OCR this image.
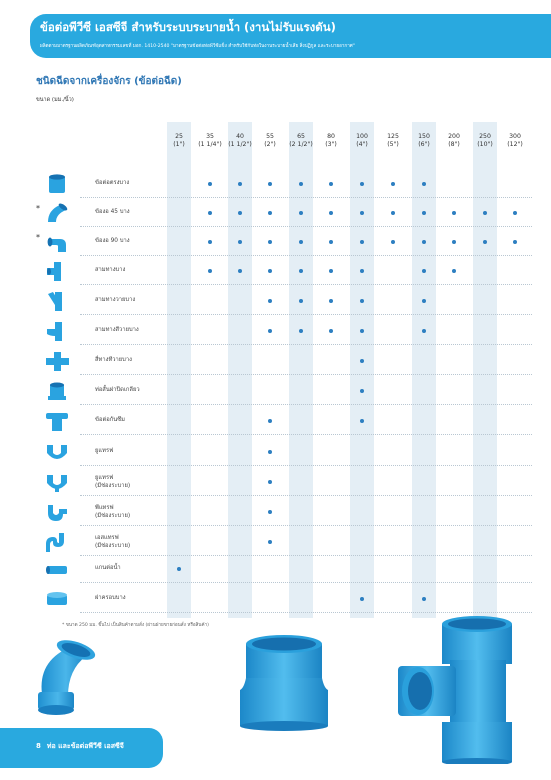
ข้อต่อพีวีซี เอสซีจี สำหรับระบบระบายน้ำ (งานไม่รับแรงดัน)
ผลิตตามมาตรฐานผลิตภัณฑ์อุตสาหกรรมเลขที่ มอก. 1410-2540 "มาตรฐานข้อต่อท่อพีวีซีแข็ง สำหรับใช้กับท่อในงานระบายน้ำเสีย สิ่งปฏิกูล และระบายอากาศ"
ชนิดฉีดจากเครื่องจักร (ข้อต่อฉีด)
ขนาด (มม./นิ้ว)
25
(1")
35
(1 1/4")
40
(1 1/2")
55
(2")
65
(2 1/2")
80
(3")
100
(4")
125
(5")
150
(6")
200
(8")
250
(10")
300
(12")
ข้อต่อตรงบาง
*	ข้องอ 45 บาง
*	ข้องอ 90 บาง
สามทางบาง
สามทางวายบาง
สามทางสีวายบาง
สี่ทางทีวายบาง
ท่อสั้นฝาปิดเกลียว
ข้อต่อกันซึม
ยูแทรฟ
ยูแทรฟ
(มีช่องระบาย)
พีแทรฟ
(มีช่องระบาย)
เอสแทรฟ
(มีช่องระบาย)
แกนต่อน้ำ
ฝาครอบบาง
* ขนาด 250 มม. ขึ้นไป เป็นสินค้าตามสั่ง (ผ่านฝ่ายขายก่อนสั่ง หรือสินค้า)
8 ท่อ และข้อต่อพีวีซี เอสซีจี
